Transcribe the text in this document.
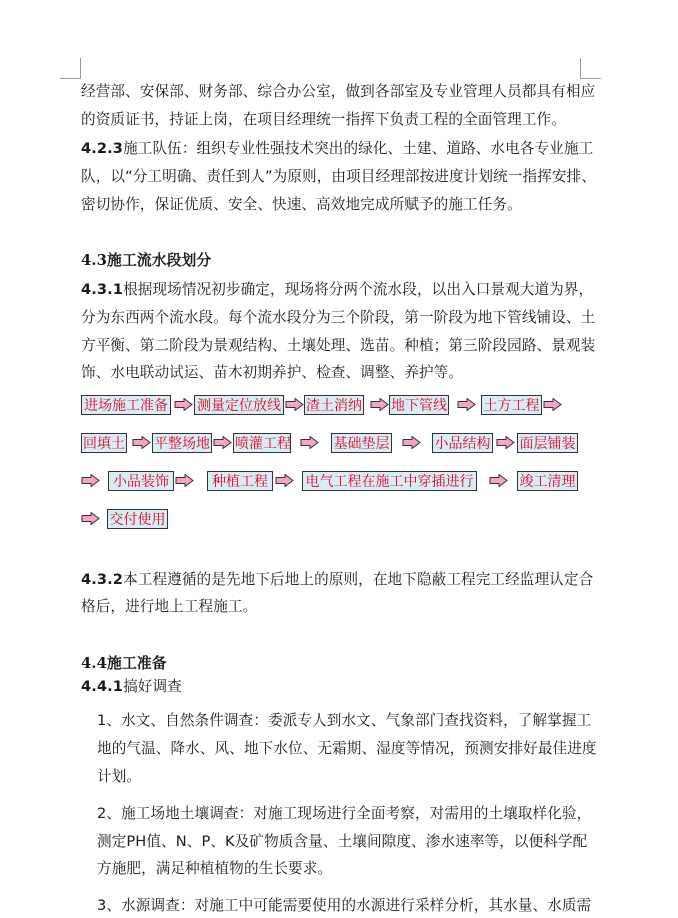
经营部、安保部、财务部、综合办公室，做到各部室及专业管理人员都具有相应
的资质证书，持证上岗，在项目经理统一指挥下负责工程的全面管理工作。
4.2.3施工队伍：组织专业性强技术突出的绿化、土建、道路、水电各专业施工
队，以“分工明确、责任到人”为原则，由项目经理部按进度计划统一指挥安排、
密切协作，保证优质、安全、快速、高效地完成所赋予的施工任务。
4.3施工流水段划分
4.3.1根据现场情况初步确定，现场将分两个流水段，以出入口景观大道为界，
分为东西两个流水段。每个流水段分为三个阶段，第一阶段为地下管线铺设、土
方平衡、第二阶段为景观结构、土壤处理、选苗。种植；第三阶段园路、景观装
饰、水电联动试运、苗木初期养护、检查、调整、养护等。
进场施工准备 测量定位放线 渣土消纳 地下管线	土方工程
回填土 平整场地 喷灌工程	基础垫层	小品结构 面层铺装
小品装饰	种植工程	电气工程在施工中穿插进行	竣工清理
交付使用
4.3.2本工程遵循的是先地下后地上的原则，在地下隐蔽工程完工经监理认定合
格后，进行地上工程施工。
4.4施工准备
4.4.1搞好调查
1、水文、自然条件调查：委派专人到水文、气象部门查找资料，了解掌握工
地的气温、降水、风、地下水位、无霜期、湿度等情况，预测安排好最佳进度
计划。
2、施工场地土壤调查：对施工现场进行全面考察，对需用的土壤取样化验，
测定PH值、N、P、K及矿物质含量、土壤间隙度、渗水速率等，以便科学配
方施肥，满足种植植物的生长要求。
3、水源调查：对施工中可能需要使用的水源进行采样分析，其水量、水质需
